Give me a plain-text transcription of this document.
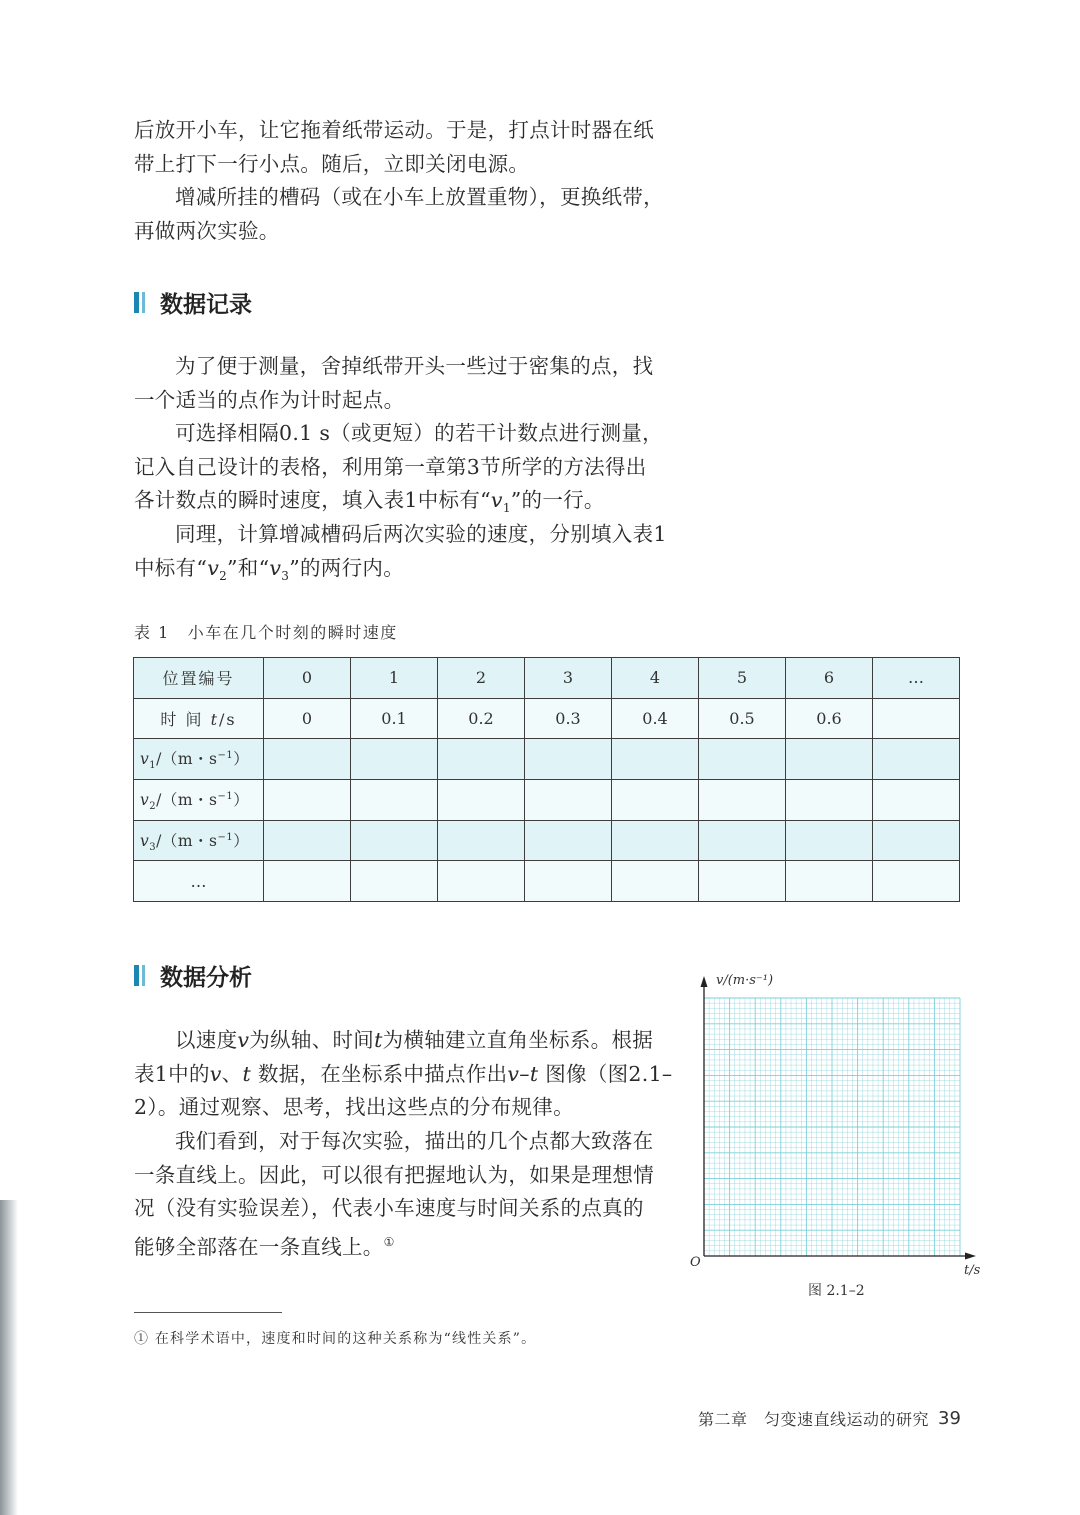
后放开小车，让它拖着纸带运动。于是，打点计时器在纸
带上打下一行小点。随后，立即关闭电源。

增减所挂的槽码（或在小车上放置重物），更换纸带，
再做两次实验。

数据记录

为了便于测量，舍掉纸带开头一些过于密集的点，找
一个适当的点作为计时起点。

可选择相隔0.1 s（或更短）的若干计数点进行测量，
记入自己设计的表格，利用第一章第3节所学的方法得出
各计数点的瞬时速度，填入表1中标有“$v_1$”的一行。

同理，计算增减槽码后两次实验的速度，分别填入表1
中标有“$v_2$”和“$v_3$”的两行内。

表 1 小车在几个时刻的瞬时速度
位置编号	0	1	2	3	4	5	6	…
时 间 t/s	0	0.1	0.2	0.3	0.4	0.5	0.6	
$v_1/(m$・$s^{-1}$）								
$v_2/(m$・$s^{-1}$）								
$v_3/(m$・$s^{-1}$）								
…								
数据分析

以速度v为纵轴、时间t为横轴建立直角坐标系。根据
表1中的v、t 数据，在坐标系中描点作出v–t 图像（图2.1–
2）。通过观察、思考，找出这些点的分布规律。

我们看到，对于每次实验，描出的几个点都大致落在
一条直线上。因此，可以很有把握地认为，如果是理想情
况（没有实验误差），代表小车速度与时间关系的点真的
能够全部落在一条直线上。①

v/(m·s⁻¹)
t/s
O
图 2.1–2
① 在科学术语中，速度和时间的这种关系称为“线性关系”。
第二章　匀变速直线运动的研究 39
